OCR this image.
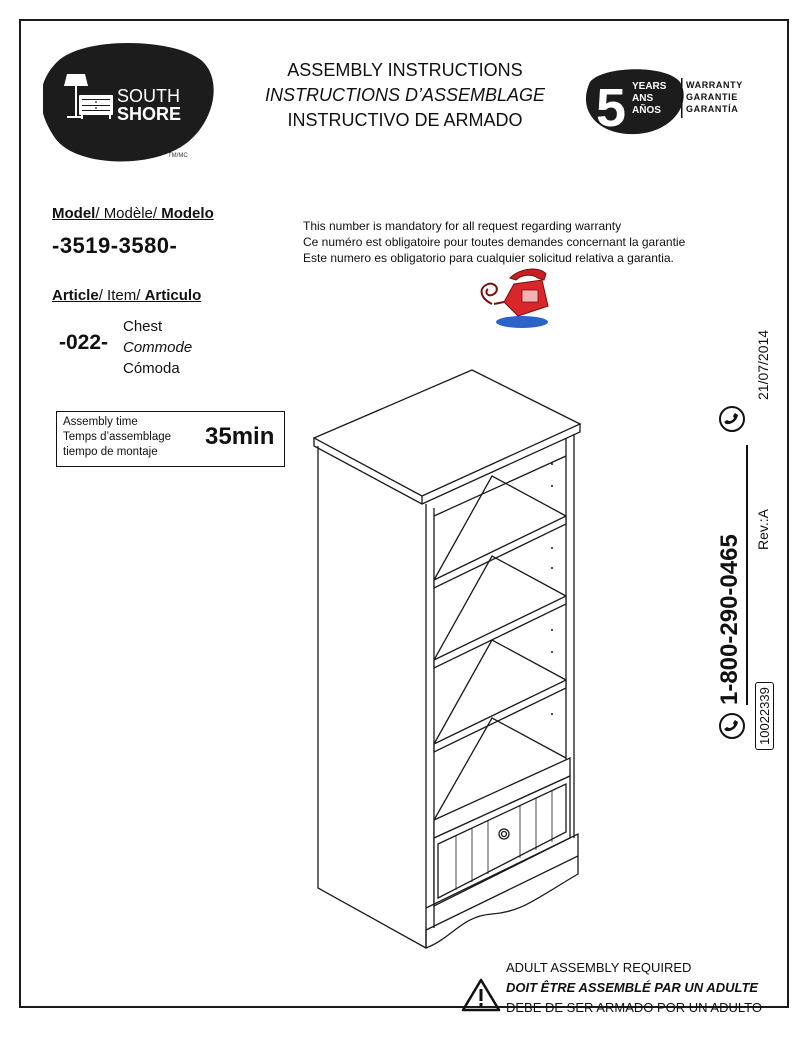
SOUTH
SHORE
TM/MC
ASSEMBLY INSTRUCTIONS
INSTRUCTIONS D’ASSEMBLAGE
INSTRUCTIVO DE ARMADO	5 YEARS
ANS
AÑOS
WARRANTY
GARANTIE
GARANTÍA
Model/ Modèle/ Modelo
-3519-3580-
This number is mandatory for all request regarding warranty
Ce numéro est obligatoire pour toutes demandes concernant la garantie
Este numero es obligatorio para cualquier solicitud relativa a garantia.
Article/ Item/ Articulo
-022-
Chest
Commode
Cómoda
Assembly time
Temps d’assemblage
tiempo de montaje
35min
1-800-290-0465
10022339
Rev.:A
21/07/2014
ADULT ASSEMBLY REQUIRED
DOIT ÊTRE ASSEMBLÉ PAR UN ADULTE
DEBE DE SER ARMADO POR UN ADULTO
